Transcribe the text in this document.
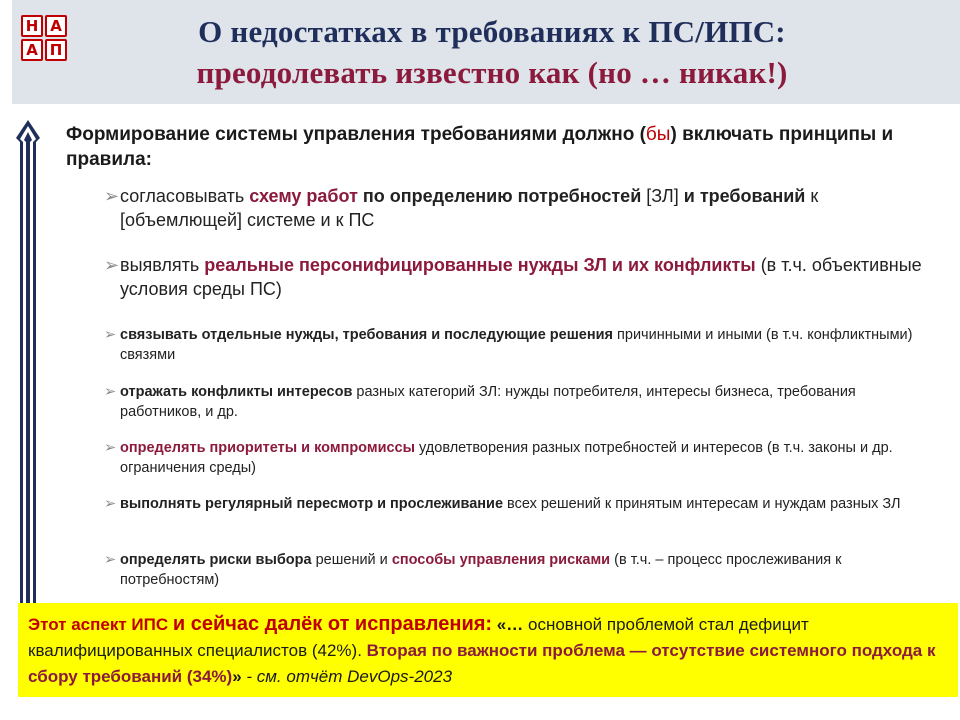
Н А
А П
О недостатках в требованиях к ПС/ИПС:
преодолевать известно как (но … никак!)
Формирование системы управления требованиями должно (бы) включать принципы и правила:
➢ согласовывать схему работ по определению потребностей [ЗЛ] и требований к [объемлющей] системе и к ПС
➢ выявлять реальные персонифицированные нужды ЗЛ и их конфликты (в т.ч. объективные условия среды ПС)
➢ связывать отдельные нужды, требования и последующие решения причинными и иными (в т.ч. конфликтными) связями
➢ отражать конфликты интересов разных категорий ЗЛ: нужды потребителя, интересы бизнеса, требования работников, и др.
➢ определять приоритеты и компромиссы удовлетворения разных потребностей и интересов (в т.ч. законы и др. ограничения среды)
➢ выполнять регулярный пересмотр и прослеживание всех решений к принятым интересам и нуждам разных ЗЛ
➢ определять риски выбора решений и способы управления рисками (в т.ч. – процесс прослеживания к потребностям)
Этот аспект ИПС и сейчас далёк от исправления: «… основной проблемой стал дефицит квалифицированных специалистов (42%). Вторая по важности проблема — отсутствие системного подхода к сбору требований (34%)» - см. отчёт DevOps-2023
